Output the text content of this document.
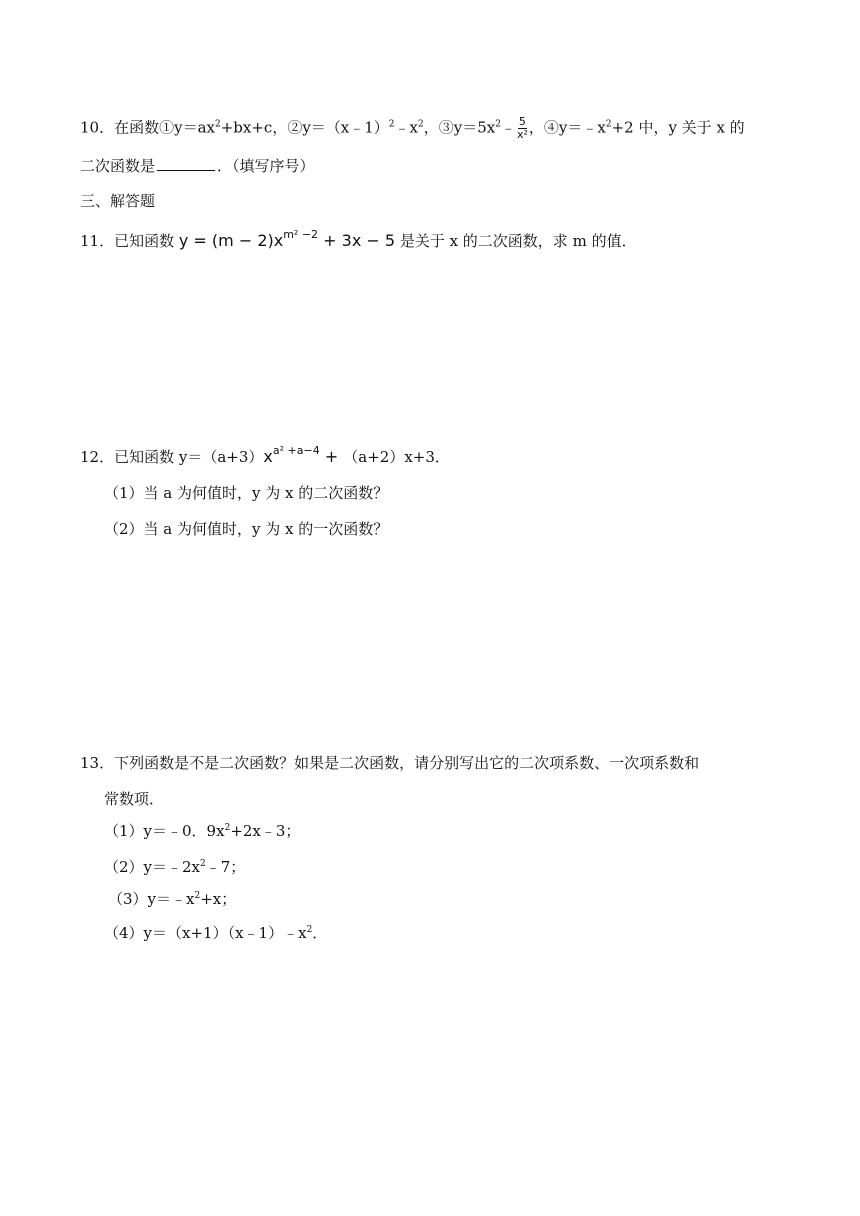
10．在函数$①y=ax^2+bx+c$，$②y=(x﹣1)^2﹣x^2$，$③y=5x^2﹣ \frac{5}{\text{x²}}$ ，$④y=﹣x^2+2$ 中，y 关于 x 的
二次函数是	．（填写序号）
三、解答题
11．已知函数 $y = (m - 2)x^{m^2 -2} + 3x - 5$ 是关于 x 的二次函数，求 m 的值．
12．已知函数 $y=(a+3)x^{a^2 +a-4} + (a+2)x+3$．
（1）当 a 为何值时，y 为 x 的二次函数？
（2）当 a 为何值时，y 为 x 的一次函数？
13．下列函数是不是二次函数？如果是二次函数，请分别写出它的二次项系数、一次项系数和
常数项．
（1）y＝﹣0．$9x^2+2x﹣3$；
$(2)y=﹣2x^2﹣7$；
$(3)y=﹣x^2+x$；
$(4)y=(x+1)(x﹣1)﹣x^2$．
